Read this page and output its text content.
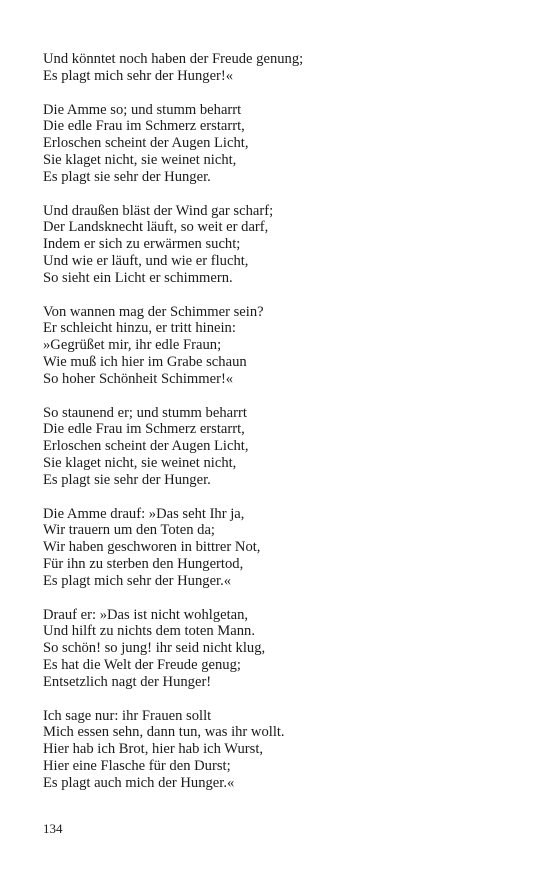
Und könntet noch haben der Freude genung;
Es plagt mich sehr der Hunger!«
Die Amme so; und stumm beharrt
Die edle Frau im Schmerz erstarrt,
Erloschen scheint der Augen Licht,
Sie klaget nicht, sie weinet nicht,
Es plagt sie sehr der Hunger.
Und draußen bläst der Wind gar scharf;
Der Landsknecht läuft, so weit er darf,
Indem er sich zu erwärmen sucht;
Und wie er läuft, und wie er flucht,
So sieht ein Licht er schimmern.
Von wannen mag der Schimmer sein?
Er schleicht hinzu, er tritt hinein:
»Gegrüßet mir, ihr edle Fraun;
Wie muß ich hier im Grabe schaun
So hoher Schönheit Schimmer!«
So staunend er; und stumm beharrt
Die edle Frau im Schmerz erstarrt,
Erloschen scheint der Augen Licht,
Sie klaget nicht, sie weinet nicht,
Es plagt sie sehr der Hunger.
Die Amme drauf: »Das seht Ihr ja,
Wir trauern um den Toten da;
Wir haben geschworen in bittrer Not,
Für ihn zu sterben den Hungertod,
Es plagt mich sehr der Hunger.«
Drauf er: »Das ist nicht wohlgetan,
Und hilft zu nichts dem toten Mann.
So schön! so jung! ihr seid nicht klug,
Es hat die Welt der Freude genug;
Entsetzlich nagt der Hunger!
Ich sage nur: ihr Frauen sollt
Mich essen sehn, dann tun, was ihr wollt.
Hier hab ich Brot, hier hab ich Wurst,
Hier eine Flasche für den Durst;
Es plagt auch mich der Hunger.«
134
